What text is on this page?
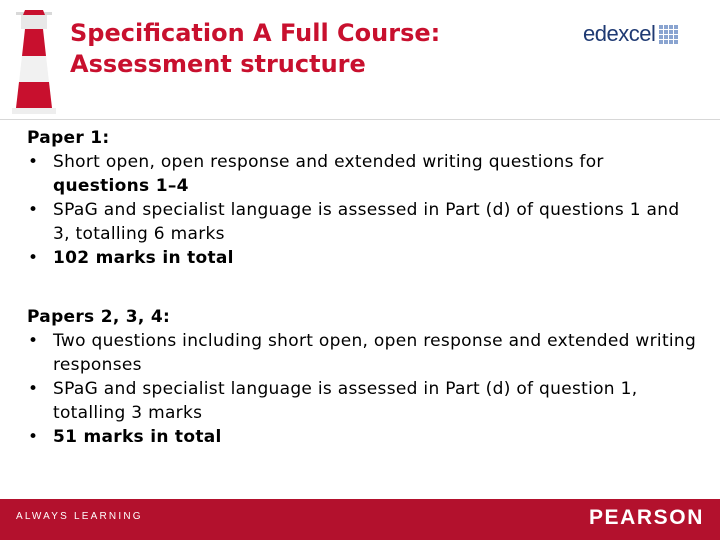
Specification A Full Course:
Assessment structure
edexcel

Paper 1:

• Short open, open response and extended writing questions for questions 1–4
• SPaG and specialist language is assessed in Part (d) of questions 1 and 3, totalling 6 marks
• 102 marks in total

Papers 2, 3, 4:

• Two questions including short open, open response and extended writing responses
• SPaG and specialist language is assessed in Part (d) of question 1, totalling 3 marks
• 51 marks in total
ALWAYS LEARNING	PEARSON
